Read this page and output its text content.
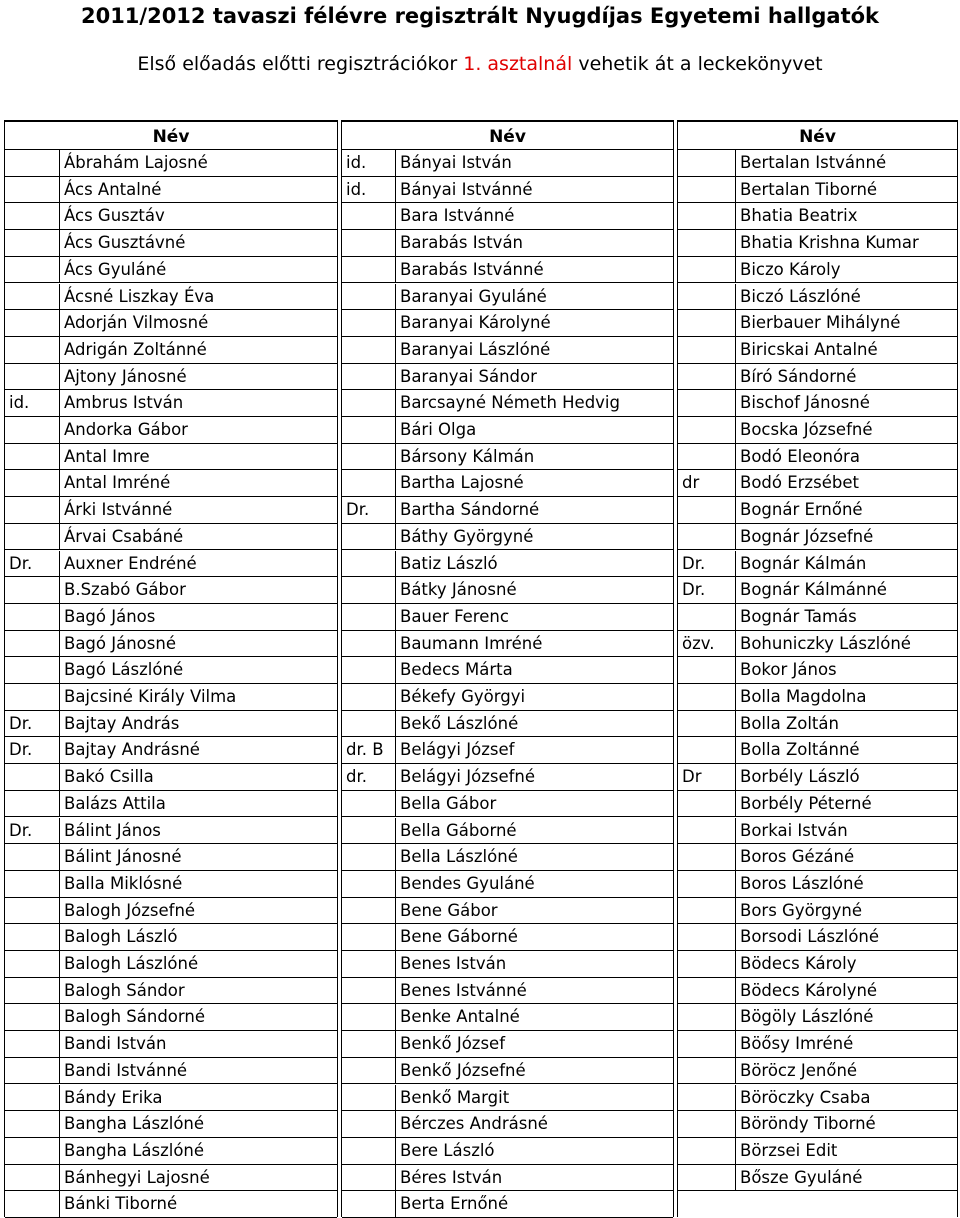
2011/2012 tavaszi félévre regisztrált Nyugdíjas Egyetemi hallgatók
Első előadás előtti regisztrációkor 1. asztalnál vehetik át a leckekönyvet
Név
Ábrahám Lajosné
Ács Antalné
Ács Gusztáv
Ács Gusztávné
Ács Gyuláné
Ácsné Liszkay Éva
Adorján Vilmosné
Adrigán Zoltánné
Ajtony Jánosné
id.	Ambrus István
Andorka Gábor
Antal Imre
Antal Imréné
Árki Istvánné
Árvai Csabáné
Dr.	Auxner Endréné
B.Szabó Gábor
Bagó János
Bagó Jánosné
Bagó Lászlóné
Bajcsiné Király Vilma
Dr.	Bajtay András
Dr.	Bajtay Andrásné
Bakó Csilla
Balázs Attila
Dr.	Bálint János
Bálint Jánosné
Balla Miklósné
Balogh Józsefné
Balogh László
Balogh Lászlóné
Balogh Sándor
Balogh Sándorné
Bandi István
Bandi Istvánné
Bándy Erika
Bangha Lászlóné
Bangha Lászlóné
Bánhegyi Lajosné
Bánki Tiborné
Név
id.	Bányai István
id.	Bányai Istvánné
Bara Istvánné
Barabás István
Barabás Istvánné
Baranyai Gyuláné
Baranyai Károlyné
Baranyai Lászlóné
Baranyai Sándor
Barcsayné Németh Hedvig
Bári Olga
Bársony Kálmán
Bartha Lajosné
Dr.	Bartha Sándorné
Báthy Györgyné
Batiz László
Bátky Jánosné
Bauer Ferenc
Baumann Imréné
Bedecs Márta
Békefy Györgyi
Bekő Lászlóné
dr. B Belágyi József
dr.	Belágyi Józsefné
Bella Gábor
Bella Gáborné
Bella Lászlóné
Bendes Gyuláné
Bene Gábor
Bene Gáborné
Benes István
Benes Istvánné
Benke Antalné
Benkő József
Benkő Józsefné
Benkő Margit
Bérczes Andrásné
Bere László
Béres István
Berta Ernőné
Név
Bertalan Istvánné
Bertalan Tiborné
Bhatia Beatrix
Bhatia Krishna Kumar
Biczo Károly
Biczó Lászlóné
Bierbauer Mihályné
Biricskai Antalné
Bíró Sándorné
Bischof Jánosné
Bocska Józsefné
Bodó Eleonóra
dr	Bodó Erzsébet
Bognár Ernőné
Bognár Józsefné
Dr.	Bognár Kálmán
Dr.	Bognár Kálmánné
Bognár Tamás
özv.	Bohuniczky Lászlóné
Bokor János
Bolla Magdolna
Bolla Zoltán
Bolla Zoltánné
Dr	Borbély László
Borbély Péterné
Borkai István
Boros Gézáné
Boros Lászlóné
Bors Györgyné
Borsodi Lászlóné
Bödecs Károly
Bödecs Károlyné
Bögöly Lászlóné
Böősy Imréné
Böröcz Jenőné
Böröczky Csaba
Böröndy Tiborné
Börzsei Edit
Bősze Gyuláné
